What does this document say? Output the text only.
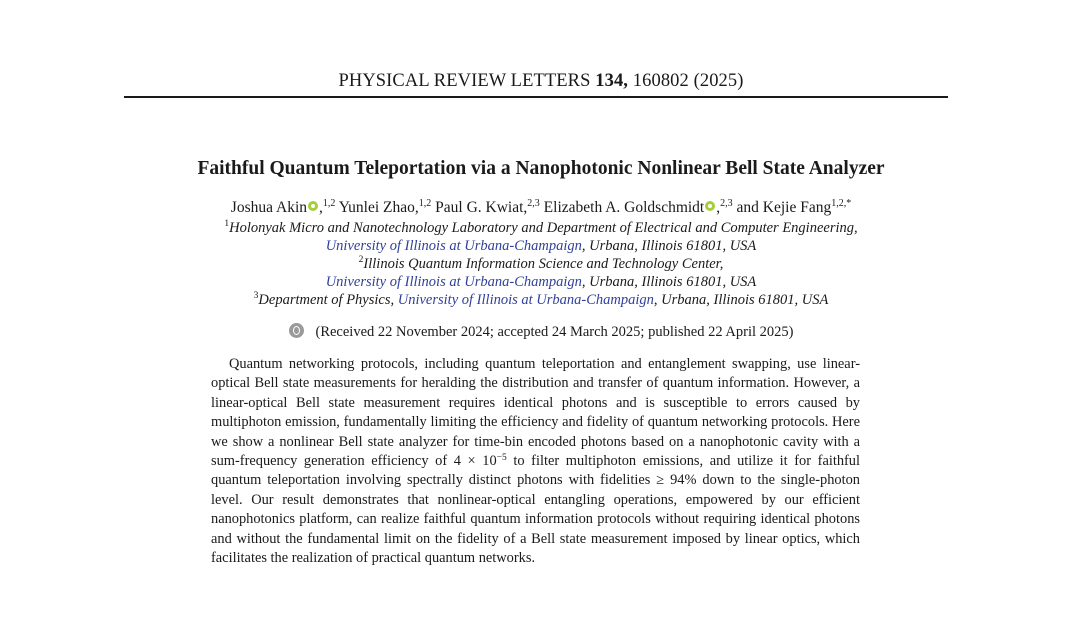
PHYSICAL REVIEW LETTERS 134, 160802 (2025)
Faithful Quantum Teleportation via a Nanophotonic Nonlinear Bell State Analyzer
Joshua Akin ,$^{1,2}$ Yunlei Zhao,$^{1,2}$ Paul G. Kwiat,$^{2,3}$ Elizabeth A. Goldschmidt ,$^{2,3}$ and Kejie Fang$^{1,2,*}$
$^1$Holonyak Micro and Nanotechnology Laboratory and Department of Electrical and Computer Engineering,
University of Illinois at Urbana-Champaign, Urbana, Illinois 61801, USA
$^2$Illinois Quantum Information Science and Technology Center,
University of Illinois at Urbana-Champaign, Urbana, Illinois 61801, USA
$^3$Department of Physics, University of Illinois at Urbana-Champaign, Urbana, Illinois 61801, USA
(Received 22 November 2024; accepted 24 March 2025; published 22 April 2025)
Quantum networking protocols, including quantum teleportation and entanglement swapping, use linear-optical Bell state measurements for heralding the distribution and transfer of quantum information. However, a linear-optical Bell state measurement requires identical photons and is susceptible to errors caused by multiphoton emission, fundamentally limiting the efficiency and fidelity of quantum networking protocols. Here we show a nonlinear Bell state analyzer for time-bin encoded photons based on a nanophotonic cavity with a sum-frequency generation efficiency of $4 \times 10^{-5}$ to filter multiphoton emissions, and utilize it for faithful quantum teleportation involving spectrally distinct photons with fidelities ≥ 94% down to the single-photon level. Our result demonstrates that nonlinear-optical entangling operations, empowered by our efficient nanophotonics platform, can realize faithful quantum information protocols without requiring identical photons and without the fundamental limit on the fidelity of a Bell state measurement imposed by linear optics, which facilitates the realization of practical quantum networks.
